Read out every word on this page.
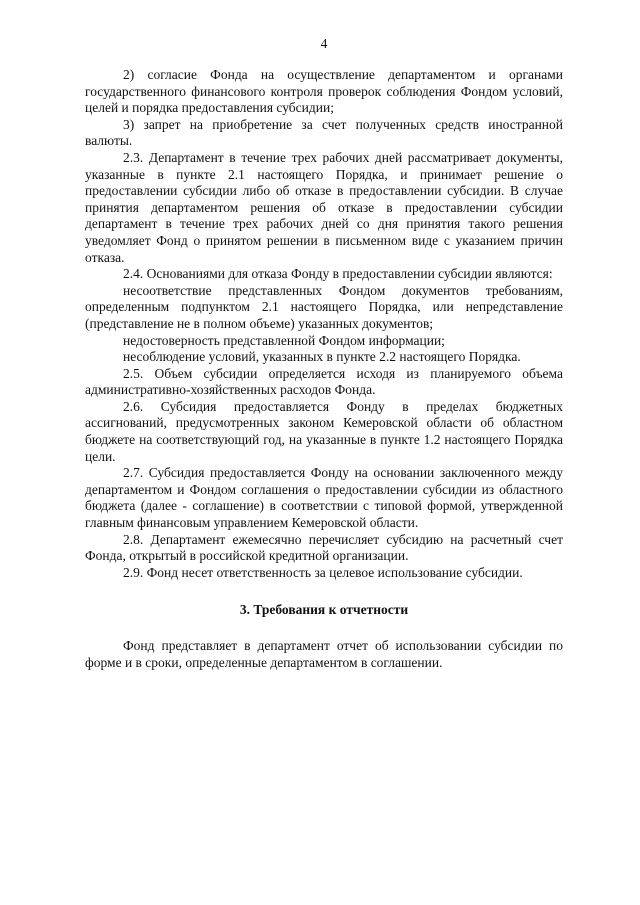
4

2) согласие Фонда на осуществление департаментом и органами государственного финансового контроля проверок соблюдения Фондом условий, целей и порядка предоставления субсидии;

3) запрет на приобретение за счет полученных средств иностранной валюты.

2.3. Департамент в течение трех рабочих дней рассматривает документы, указанные в пункте 2.1 настоящего Порядка, и принимает решение о предоставлении субсидии либо об отказе в предоставлении субсидии. В случае принятия департаментом решения об отказе в предоставлении субсидии департамент в течение трех рабочих дней со дня принятия такого решения уведомляет Фонд о принятом решении в письменном виде с указанием причин отказа.

2.4. Основаниями для отказа Фонду в предоставлении субсидии являются:

несоответствие представленных Фондом документов требованиям, определенным подпунктом 2.1 настоящего Порядка, или непредставление (представление не в полном объеме) указанных документов;

недостоверность представленной Фондом информации;

несоблюдение условий, указанных в пункте 2.2 настоящего Порядка.

2.5. Объем субсидии определяется исходя из планируемого объема административно-хозяйственных расходов Фонда.

2.6. Субсидия предоставляется Фонду в пределах бюджетных ассигнований, предусмотренных законом Кемеровской области об областном бюджете на соответствующий год, на указанные в пункте 1.2 настоящего Порядка цели.

2.7. Субсидия предоставляется Фонду на основании заключенного между департаментом и Фондом соглашения о предоставлении субсидии из областного бюджета (далее - соглашение) в соответствии с типовой формой, утвержденной главным финансовым управлением Кемеровской области.

2.8. Департамент ежемесячно перечисляет субсидию на расчетный счет Фонда, открытый в российской кредитной организации.

2.9. Фонд несет ответственность за целевое использование субсидии.

3. Требования к отчетности

Фонд представляет в департамент отчет об использовании субсидии по форме и в сроки, определенные департаментом в соглашении.
